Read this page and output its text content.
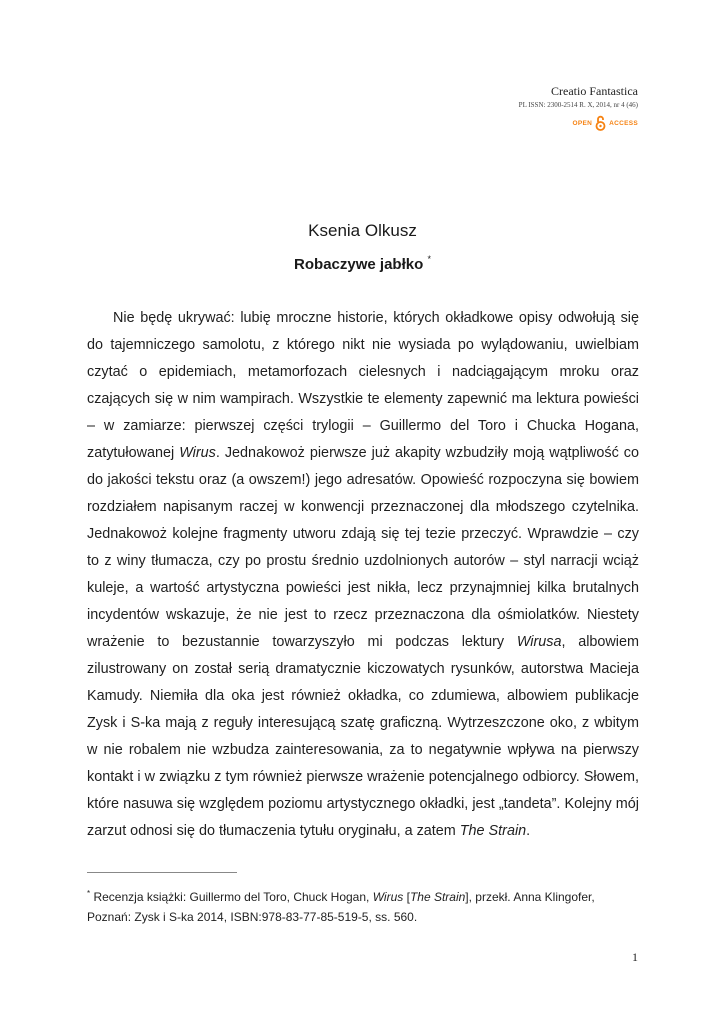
Creatio Fantastica
PL ISSN: 2300-2514 R. X, 2014, nr 4 (46)
OPEN	ACCESS
Ksenia Olkusz
Robaczywe jabłko *
Nie będę ukrywać: lubię mroczne historie, których okładkowe opisy odwołują się do tajemniczego samolotu, z którego nikt nie wysiada po wylądowaniu, uwielbiam czytać o epidemiach, metamorfozach cielesnych i nadciągającym mroku oraz czających się w nim wampirach. Wszystkie te elementy zapewnić ma lektura powieści – w zamiarze: pierwszej części trylogii – Guillermo del Toro i Chucka Hogana, zatytułowanej Wirus. Jednakowoż pierwsze już akapity wzbudziły moją wątpliwość co do jakości tekstu oraz (a owszem!) jego adresatów. Opowieść rozpoczyna się bowiem rozdziałem napisanym raczej w konwencji przeznaczonej dla młodszego czytelnika. Jednakowoż kolejne fragmenty utworu zdają się tej tezie przeczyć. Wprawdzie – czy to z winy tłumacza, czy po prostu średnio uzdolnionych autorów – styl narracji wciąż kuleje, a wartość artystyczna powieści jest nikła, lecz przynajmniej kilka brutalnych incydentów wskazuje, że nie jest to rzecz przeznaczona dla ośmiolatków. Niestety wrażenie to bezustannie towarzyszyło mi podczas lektury Wirusa, albowiem zilustrowany on został serią dramatycznie kiczowatych rysunków, autorstwa Macieja Kamudy. Niemiła dla oka jest również okładka, co zdumiewa, albowiem publikacje Zysk i S-ka mają z reguły interesującą szatę graficzną. Wytrzeszczone oko, z wbitym w nie robalem nie wzbudza zainteresowania, za to negatywnie wpływa na pierwszy kontakt i w związku z tym również pierwsze wrażenie potencjalnego odbiorcy. Słowem, które nasuwa się względem poziomu artystycznego okładki, jest „tandeta”. Kolejny mój zarzut odnosi się do tłumaczenia tytułu oryginału, a zatem The Strain.
* Recenzja książki: Guillermo del Toro, Chuck Hogan, Wirus [The Strain], przekł. Anna Klingofer, Poznań: Zysk i S-ka 2014, ISBN:978-83-77-85-519-5, ss. 560.
1
